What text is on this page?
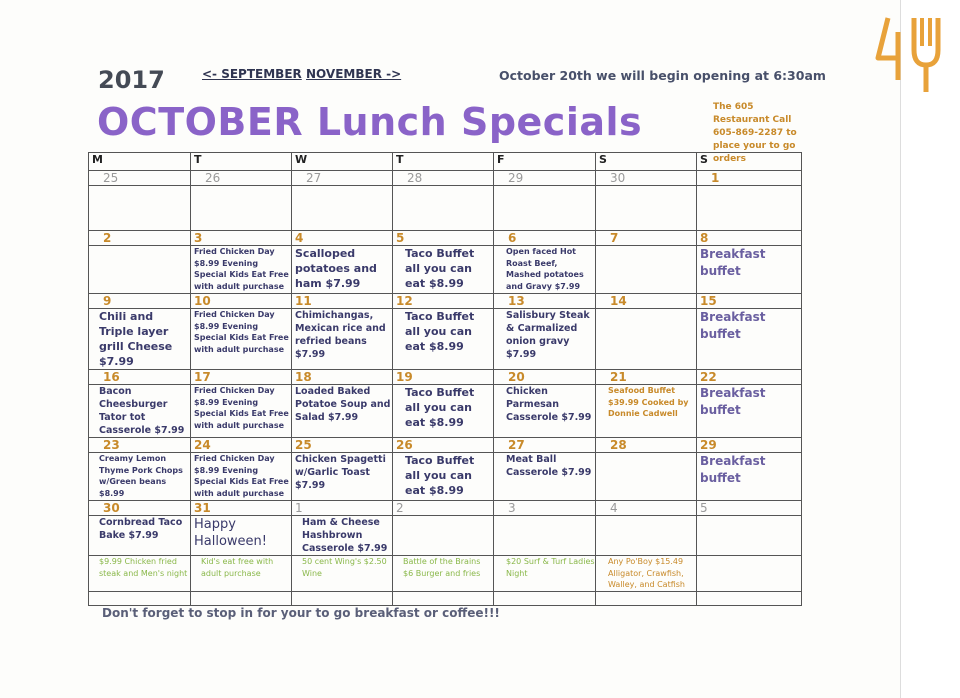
2017	<- SEPTEMBER NOVEMBER ->	October 20th we will begin opening at 6:30am
OCTOBER Lunch Specials	The 605 Restaurant Call 605-869-2287 to place your to go orders
M	T	W	T	F	S	S
25	26	27	28	29	30	1

2	3	4	5	6	7	8
	Fried Chicken Day $8.99 Evening Special Kids Eat Free with adult purchase	Scalloped potatoes and ham $7.99	Taco Buffet all you can eat $8.99	Open faced Hot Roast Beef, Mashed potatoes and Gravy $7.99		Breakfast buffet
9	10	11	12	13	14	15
Chili and Triple layer grill Cheese $7.99	Fried Chicken Day $8.99 Evening Special Kids Eat Free with adult purchase	Chimichangas, Mexican rice and refried beans $7.99	Taco Buffet all you can eat $8.99	Salisbury Steak & Carmalized onion gravy $7.99		Breakfast buffet
16	17	18	19	20	21	22
Bacon Cheesburger Tator tot Casserole $7.99	Fried Chicken Day $8.99 Evening Special Kids Eat Free with adult purchase	Loaded Baked Potatoe Soup and Salad $7.99	Taco Buffet all you can eat $8.99	Chicken Parmesan Casserole $7.99	Seafood Buffet $39.99 Cooked by Donnie Cadwell	Breakfast buffet
23	24	25	26	27	28	29
Creamy Lemon Thyme Pork Chops w/Green beans $8.99	Fried Chicken Day $8.99 Evening Special Kids Eat Free with adult purchase	Chicken Spagetti w/Garlic Toast $7.99	Taco Buffet all you can eat $8.99	Meat Ball Casserole $7.99		Breakfast buffet
30	31	1	2	3	4	5
Cornbread Taco Bake $7.99	Happy Halloween!	Ham & Cheese Hashbrown Casserole $7.99				
$9.99 Chicken fried steak and Men's night	Kid's eat free with adult purchase	50 cent Wing's $2.50 Wine	Battle of the Brains $6 Burger and fries	$20 Surf & Turf Ladies Night	Any Po'Boy $15.49 Alligator, Crawfish, Walley, and Catfish	

Don't forget to stop in for your to go breakfast or coffee!!!
